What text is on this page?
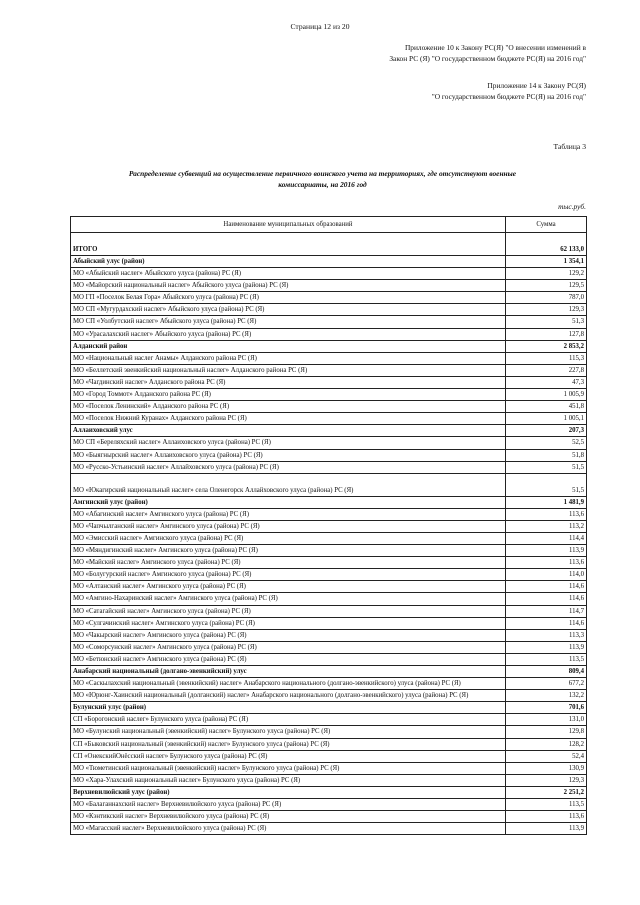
Страница 12 из 20
Приложение 10 к Закону РС(Я) "О внесении изменений в
Закон РС (Я) "О государственном бюджете РС(Я) на 2016 год"
Приложение 14 к Закону РС(Я)
"О государственном бюджете РС(Я) на 2016 год"
Таблица 3
Распределение субвенций на осуществление первичного воинского учета на территориях, где отсутствуют военные
комиссариаты, на 2016 год
тыс.руб.
Наименование муниципальных образований	Сумма
ИТОГО	62 133,0
Абыйский улус (район)	1 354,1
МО «Абыйский наслег» Абыйского улуса (района) РС (Я)	129,2
МО «Майорский национальный наслег» Абыйского улуса (района) РС (Я)	129,5
МО ГП «Поселок Белая Гора» Абыйского улуса (района) РС (Я)	787,0
МО СП «Мугурдахский наслег» Абыйского улуса (района) РС (Я)	129,3
МО СП «Уолбутский наслег» Абыйского улуса (района) РС (Я)	51,3
МО «Урасалахский наслег» Абыйского улуса (района) РС (Я)	127,8
Алданский район	2 853,2
МО «Национальный наслег Анамы» Алданского района РС (Я)	115,3
МО «Беллетский эвенкийский национальный наслег» Алданского района РС (Я)	227,8
МО «Чагдинский наслег» Алданского района РС (Я)	47,3
МО «Город Томмот» Алданского района РС (Я)	1 005,9
МО «Поселок Ленинский» Алданского района РС (Я)	451,8
МО «Поселок Нижний Куранах» Алданского района РС (Я)	1 005,1
Аллаиховский улус	207,3
МО СП «Береляхский наслег» Аллаиховского улуса (района) РС (Я)	52,5
МО «Быягнырский наслег» Аллаиховского улуса (района) РС (Я)	51,8
МО «Русско-Устьинский наслег» Аллайховского улуса (района) РС (Я)	51,5
МО «Юкагирский национальный наслег» села Оленегорск Аллайховского улуса (района) РС (Я)	51,5
Амгинский улус (район)	1 481,9
МО «Абагинский наслег» Амгинского улуса (района) РС (Я)	113,6
МО «Чапчылганский наслег» Амгинского улуса (района) РС (Я)	113,2
МО «Эмисский наслег» Амгинского улуса (района) РС (Я)	114,4
МО «Мяндигинский наслег» Амгинского улуса (района) РС (Я)	113,9
МО «Майский наслег» Амгинского улуса (района) РС (Я)	113,6
МО «Болугурский наслег» Амгинского улуса (района) РС (Я)	114,0
МО «Алтанский наслег» Амгинского улуса (района) РС (Я)	114,6
МО «Амгино-Нахаринский наслег» Амгинского улуса (района) РС (Я)	114,6
МО «Сатагайский наслег» Амгинского улуса (района) РС (Я)	114,7
МО «Сулгачинский наслег» Амгинского улуса (района) РС (Я)	114,6
МО «Чакырский наслег» Амгинского улуса (района) РС (Я)	113,3
МО «Соморсунский наслег» Амгинского улуса (района) РС (Я)	113,9
МО «Бетюнский наслег» Амгинского улуса (района) РС (Я)	113,5
Анабарский национальный (долгано-эвенкийский) улус	809,4
МО «Саскылахский национальный (эвенкийский) наслег» Анабарского национального (долгано-эвенкийского) улуса (района) РС (Я)	677,2
МО «Юрюнг-Хаинский национальный (долганский) наслег» Анабарского национального (долгано-эвенкийского) улуса (района) РС (Я)	132,2
Булунский улус (район)	701,6
СП «Борогонский наслег» Булунского улуса (района) РС (Я)	131,0
МО «Булунский национальный (эвенкийский) наслег» Булунского улуса (района) РС (Я)	129,8
СП «Быковский национальный (эвенкийский) наслег» Булунского улуса (района) РС (Я)	128,2
СП «OнeкcкийOнёсский наслег» Булунского улуса (района) РС (Я)	52,4
МО «Тюметинский национальный (эвенкийский) наслег» Булунского улуса (района) РС (Я)	130,9
МО «Хара-Улахский национальный наслег» Булунского улуса (района) РС (Я)	129,3
Верхневилюйский улус (район)	2 251,2
МО «Балаганнахский наслег» Верхневилюйского улуса (района) РС (Я)	113,5
МО «Кэнтикский наслег» Верхневилюйского улуса (района) РС (Я)	113,6
МО «Магасский наслег» Верхневилюйского улуса (района) РС (Я)	113,9
